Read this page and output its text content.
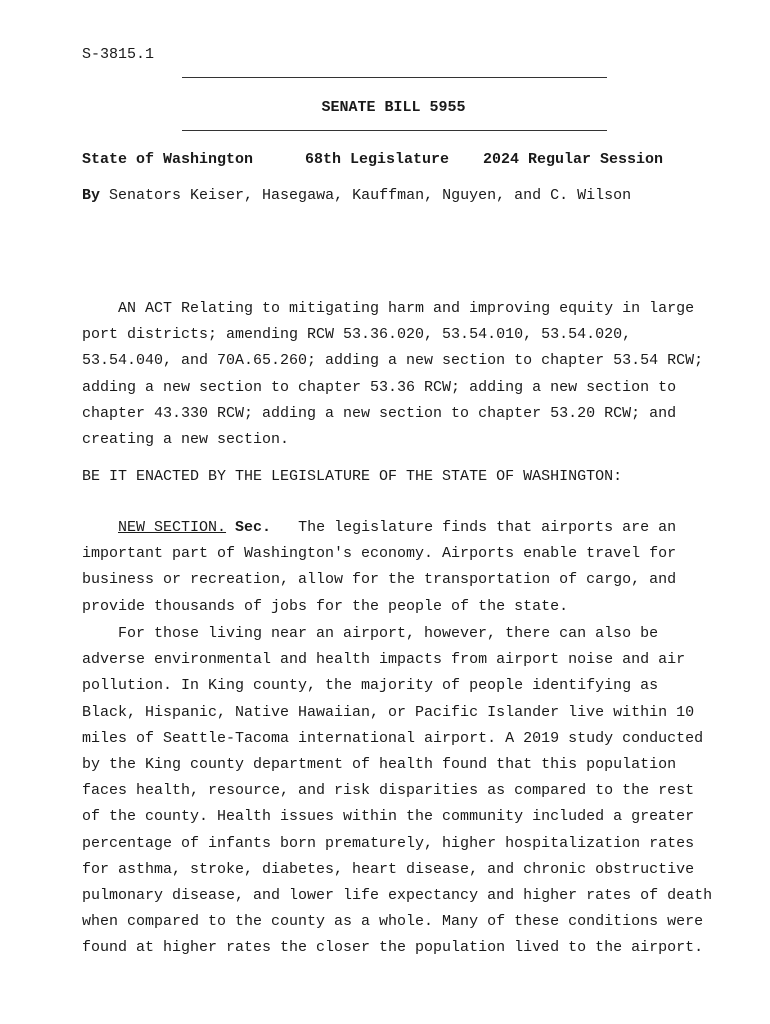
S-3815.1
SENATE BILL 5955

State of Washington

	68th Legislature

2024 Regular Session

By Senators Keiser, Hasegawa, Kauffman, Nguyen, and C. Wilson

AN ACT Relating to mitigating harm and improving equity in large port districts; amending RCW 53.36.020, 53.54.010, 53.54.020, 53.54.040, and 70A.65.260; adding a new section to chapter 53.54 RCW; adding a new section to chapter 53.36 RCW; adding a new section to chapter 43.330 RCW; adding a new section to chapter 53.20 RCW; and creating a new section.

BE IT ENACTED BY THE LEGISLATURE OF THE STATE OF WASHINGTON:

NEW SECTION. Sec. The legislature finds that airports are an important part of Washington's economy. Airports enable travel for business or recreation, allow for the transportation of cargo, and provide thousands of jobs for the people of the state.

For those living near an airport, however, there can also be adverse environmental and health impacts from airport noise and air pollution. In King county, the majority of people identifying as Black, Hispanic, Native Hawaiian, or Pacific Islander live within 10 miles of Seattle-Tacoma international airport. A 2019 study conducted by the King county department of health found that this population faces health, resource, and risk disparities as compared to the rest of the county. Health issues within the community included a greater percentage of infants born prematurely, higher hospitalization rates for asthma, stroke, diabetes, heart disease, and chronic obstructive pulmonary disease, and lower life expectancy and higher rates of death when compared to the county as a whole. Many of these conditions were found at higher rates the closer the population lived to the airport.
